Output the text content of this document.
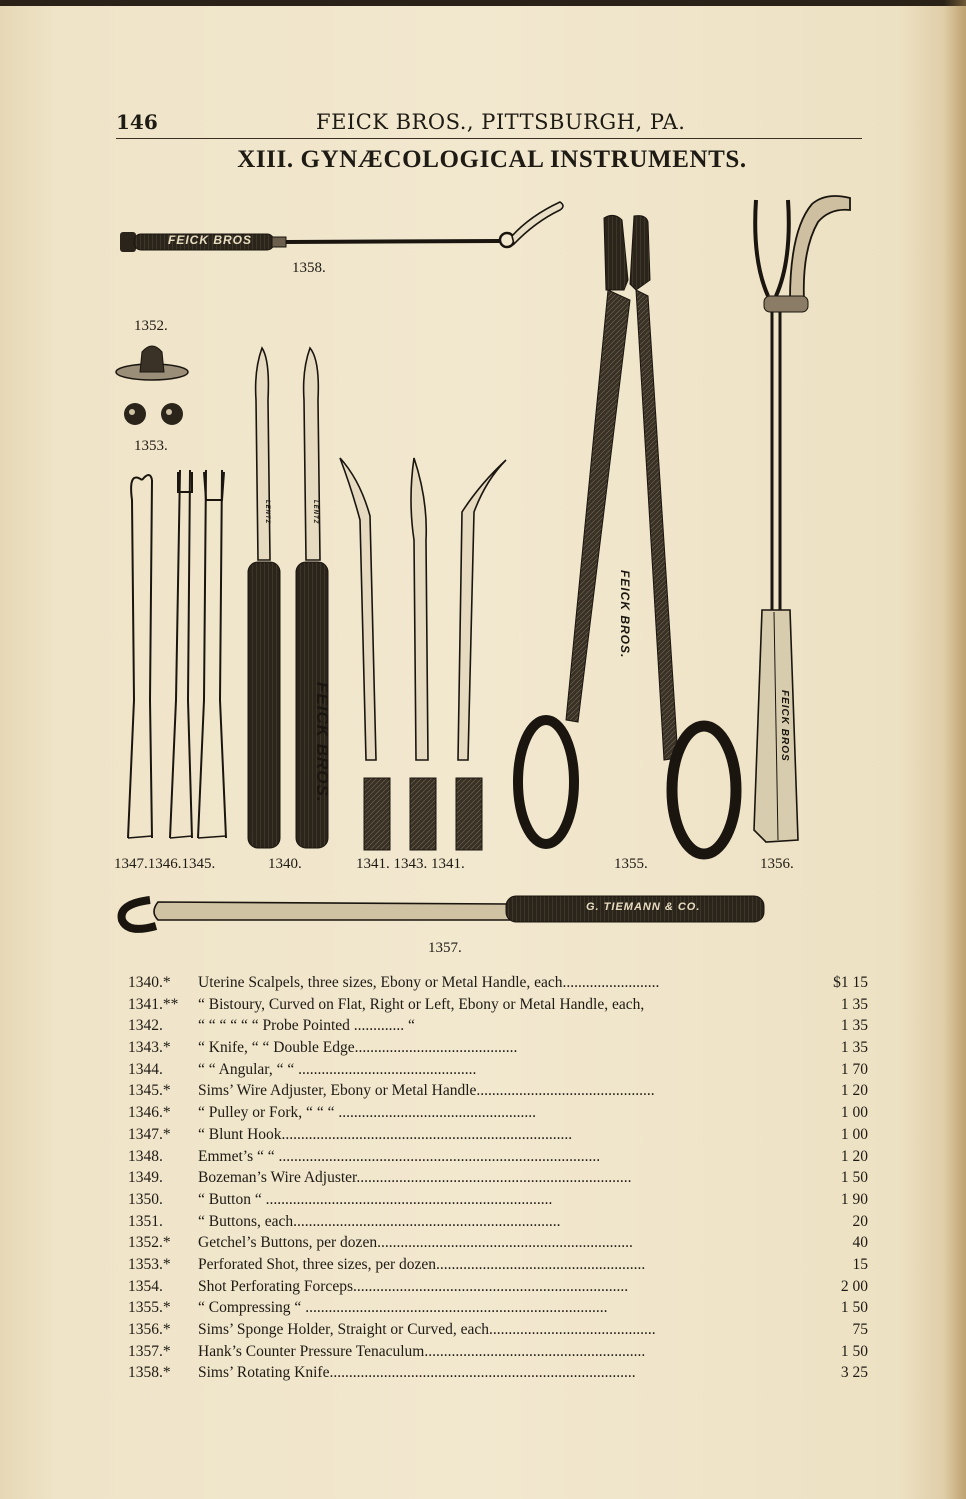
146	FEICK BROS., PITTSBURGH, PA.
XIII. GYNÆCOLOGICAL INSTRUMENTS.
FEICK BROS
FEICK BROS.
FEICK BROS.
FEICK BROS
LENTZ	LENTZ
G. TIEMANN & CO.
1358.
1352.
1353.
1347.1346.1345.	1340.	1341. 1343. 1341.	1355.	1356.
1357.
1340.* Uterine Scalpels, three sizes, Ebony or Metal Handle, each.........................	$1 15
1341.** “ Bistoury, Curved on Flat, Right or Left, Ebony or Metal Handle, each,	1 35
1342. “ “ “ “ “ “ Probe Pointed ............. “	1 35
1343.* “ Knife, “ “ Double Edge..........................................	1 35
1344. “ “ Angular, “ “ ..............................................	1 70
1345.* Sims’ Wire Adjuster, Ebony or Metal Handle..............................................	1 20
1346.* “ Pulley or Fork, “ “ “ ...................................................	1 00
1347.* “ Blunt Hook...........................................................................	1 00
1348. Emmet’s “ “ ...................................................................................	1 20
1349. Bozeman’s Wire Adjuster.......................................................................	1 50
1350. “ Button “ ..........................................................................	1 90
1351. “ Buttons, each.....................................................................	20
1352.* Getchel’s Buttons, per dozen..................................................................	40
1353.* Perforated Shot, three sizes, per dozen......................................................	15
1354. Shot Perforating Forceps.......................................................................	2 00
1355.* “ Compressing “ ..............................................................................	1 50
1356.* Sims’ Sponge Holder, Straight or Curved, each...........................................	75
1357.* Hank’s Counter Pressure Tenaculum.........................................................	1 50
1358.* Sims’ Rotating Knife...............................................................................	3 25
